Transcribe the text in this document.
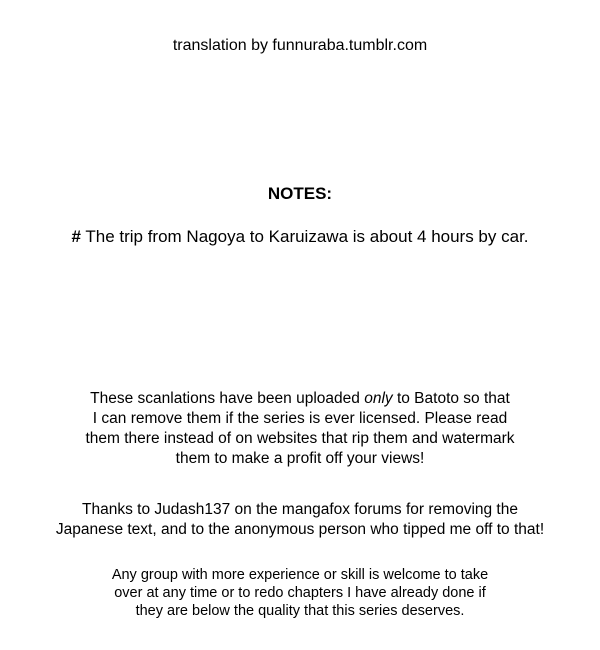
translation by funnuraba.tumblr.com

NOTES:

# The trip from Nagoya to Karuizawa is about 4 hours by car.

These scanlations have been uploaded only to Batoto so that
I can remove them if the series is ever licensed. Please read
them there instead of on websites that rip them and watermark
them to make a profit off your views!
Thanks to Judash137 on the mangafox forums for removing the
Japanese text, and to the anonymous person who tipped me off to that!
Any group with more experience or skill is welcome to take
over at any time or to redo chapters I have already done if
they are below the quality that this series deserves.
